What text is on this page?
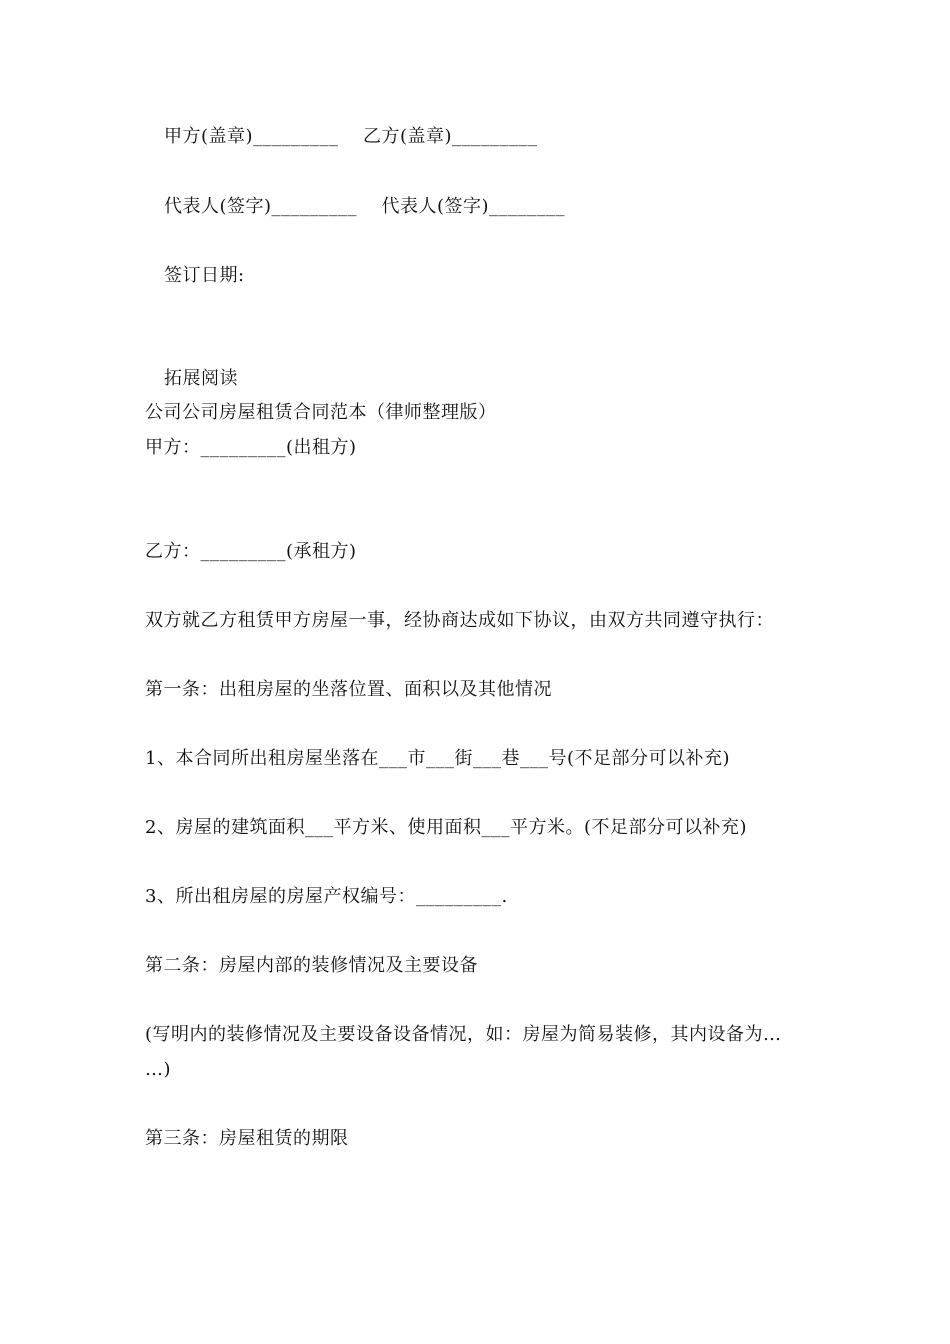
甲方(盖章)_________ 乙方(盖章)_________
代表人(签字)_________ 代表人(签字)________
签订日期:
拓展阅读
公司公司房屋租赁合同范本（律师整理版）
甲方：_________(出租方)
乙方：_________(承租方)
双方就乙方租赁甲方房屋一事，经协商达成如下协议，由双方共同遵守执行：
第一条：出租房屋的坐落位置、面积以及其他情况
1、本合同所出租房屋坐落在___市___街___巷___号(不足部分可以补充)
2、房屋的建筑面积___平方米、使用面积___平方米。(不足部分可以补充)
3、所出租房屋的房屋产权编号：_________.
第二条：房屋内部的装修情况及主要设备
(写明内的装修情况及主要设备设备情况，如：房屋为简易装修，其内设备为…
…)
第三条：房屋租赁的期限
